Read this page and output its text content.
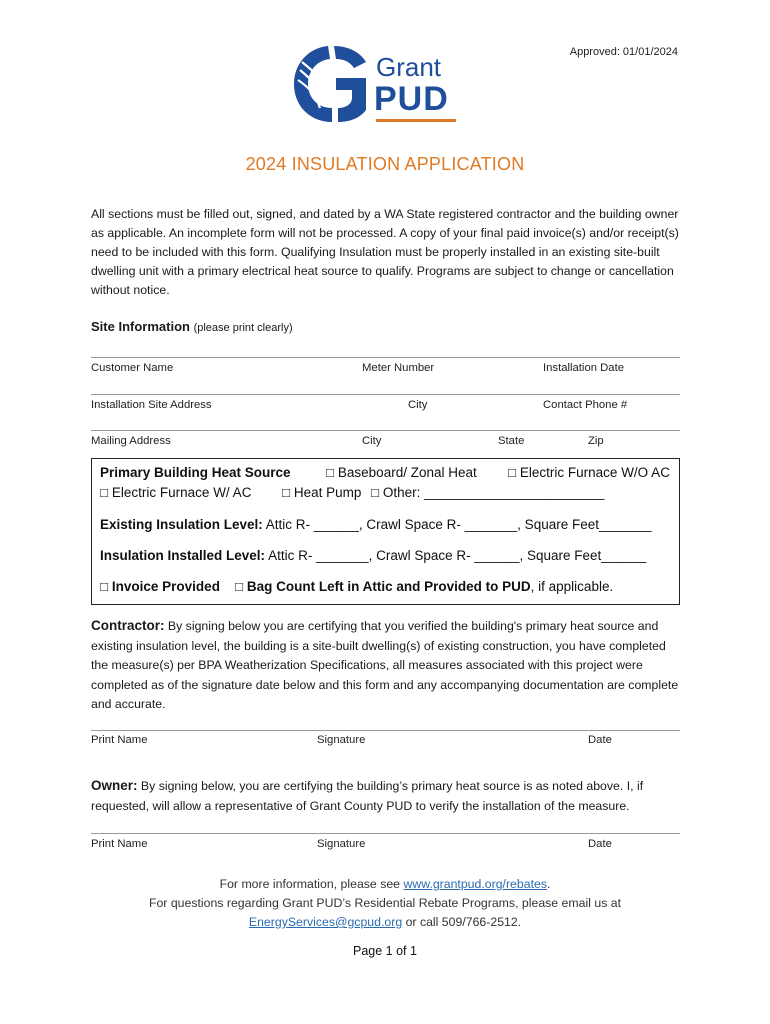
Approved: 01/01/2024
Grant
PUD
2024 INSULATION APPLICATION
All sections must be filled out, signed, and dated by a WA State registered contractor and the building owner as applicable. An incomplete form will not be processed. A copy of your final paid invoice(s) and/or receipt(s) need to be included with this form. Qualifying Insulation must be properly installed in an existing site-built dwelling unit with a primary electrical heat source to qualify. Programs are subject to change or cancellation without notice.
Site Information (please print clearly)
Customer Name	Meter Number	Installation Date
Installation Site Address	City	Contact Phone #
Mailing Address	City	State	Zip
Primary Building Heat Source	□ Baseboard/ Zonal Heat □ Electric Furnace W/O AC
□ Electric Furnace W/ AC □ Heat Pump □ Other: ________________________
Existing Insulation Level: Attic R- ______, Crawl Space R- _______, Square Feet_______
Insulation Installed Level: Attic R- _______, Crawl Space R- ______, Square Feet______
□ Invoice Provided □ Bag Count Left in Attic and Provided to PUD, if applicable.
Contractor: By signing below you are certifying that you verified the building's primary heat source and existing insulation level, the building is a site-built dwelling(s) of existing construction, you have completed the measure(s) per BPA Weatherization Specifications, all measures associated with this project were completed as of the signature date below and this form and any accompanying documentation are complete and accurate.
Print Name	Signature	Date
Owner: By signing below, you are certifying the building’s primary heat source is as noted above. I, if requested, will allow a representative of Grant County PUD to verify the installation of the measure.
Print Name	Signature	Date
For more information, please see www.grantpud.org/rebates.
For questions regarding Grant PUD’s Residential Rebate Programs, please email us at
EnergyServices@gcpud.org or call 509/766-2512.
Page 1 of 1
